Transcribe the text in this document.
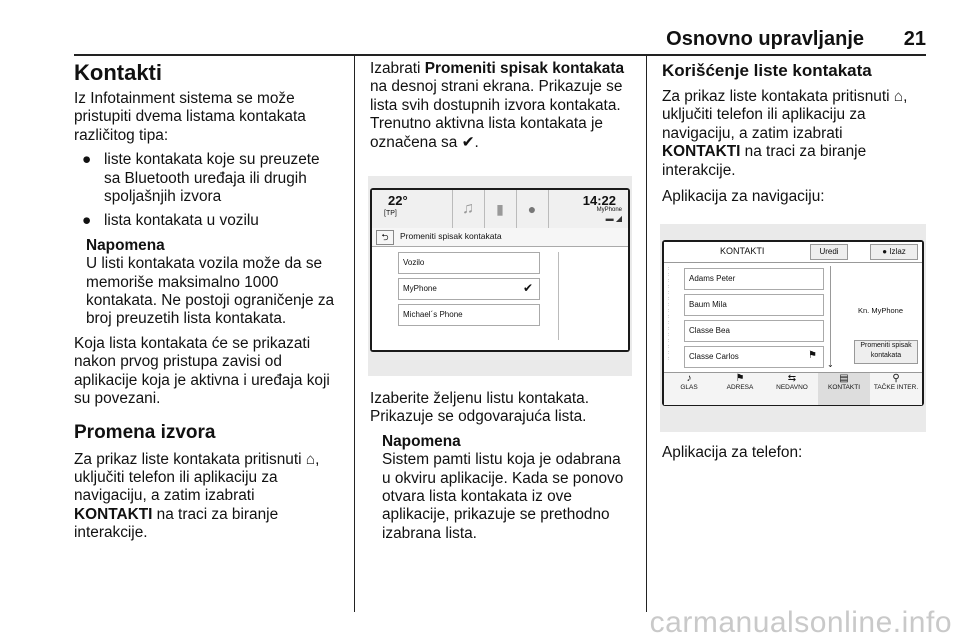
Osnovno upravljanje 21
Kontakti

Iz Infotainment sistema se može
pristupiti dvema listama kontakata
različitog tipa:

● liste kontakata koje su preuzete
sa Bluetooth uređaja ili drugih
spoljašnjih izvora

● lista kontakata u vozilu

Napomena

U listi kontakata vozila može da se
memoriše maksimalno 1000
kontakata. Ne postoji ograničenje za
broj preuzetih lista kontakata.

Koja lista kontakata će se prikazati
nakon prvog pristupa zavisi od
aplikacije koja je aktivna i uređaja koji
su povezani.

Promena izvora

Za prikaz liste kontakata pritisnuti ⌂,
uključiti telefon ili aplikaciju za
navigaciju, a zatim izabrati
KONTAKTI na traci za biranje
interakcije.

Izabrati Promeniti spisak kontakata
na desnoj strani ekrana. Prikazuje se
lista svih dostupnih izvora kontakata.
Trenutno aktivna lista kontakata je
označena sa ✔.

22°
[TP]	♫	▮	●
14:22
MyPhone
▬ ◢
⮌	Promeniti spisak kontakata
Vozilo
MyPhone	✔
Michael´s Phone

Izaberite željenu listu kontakata.
Prikazuje se odgovarajuća lista.

Napomena

Sistem pamti listu koja je odabrana
u okviru aplikacije. Kada se ponovo
otvara lista kontakata iz ove
aplikacije, prikazuje se prethodno
izabrana lista.

Korišćenje liste kontakata

Za prikaz liste kontakata pritisnuti ⌂,
uključiti telefon ili aplikaciju za
navigaciju, a zatim izabrati
KONTAKTI na traci za biranje
interakcije.

Aplikacija za navigaciju:

KONTAKTI	Uredi	● Izlaz
:
:
:
:
:
:
:
:
:
:
:
:
:
:
:
:
Adams Peter
Baum Mila
Classe Bea
Classe Carlos	⚑
⌄
Kn. MyPhone
Promeniti spisak
kontakata
♪
GLAS
⚑
ADRESA
⇆
NEDAVNO
▤
KONTAKTI
⚲
TAČKE INTER.

Aplikacija za telefon:

carmanualsonline.info
